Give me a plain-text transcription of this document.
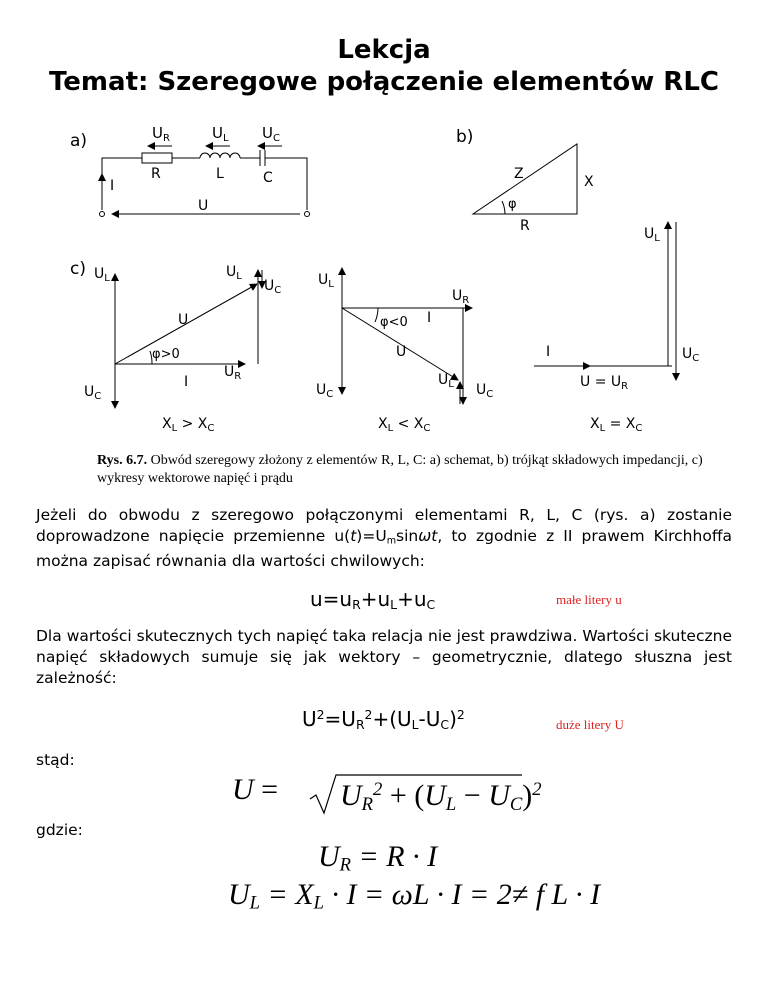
Lekcja
Temat: Szeregowe połączenie elementów RLC
a)	$U_R$	$U_L$ $U_C$
R	L	C
I
U
b)
Z	X
R
φ
c) $U_L$	$U_L$
$U_C$
U
φ>0
I
$U_R$
$U_C$
$X_L > X_C$
$U_L$
$U_R$
φ<0 I
U
$U_C$
$U_L$ $U_C$
$X_L < X_C$
$U_L$
I	$U_C$
$U = U_R$
$X_L = X_C$
Rys. 6.7. Obwód szeregowy złożony z elementów R, L, C: a) schemat, b) trójkąt składowych impedancji, c) wykresy wektorowe napięć i prądu
Jeżeli do obwodu z szeregowo połączonymi elementami R, L, C (rys. a) zostanie doprowadzone napięcie przemienne $u(t)=U_m\sin\omega t$, to zgodnie z II prawem Kirchhoffa można zapisać równania dla wartości chwilowych:
$u=u_R+u_L+u_C$	małe litery u
Dla wartości skutecznych tych napięć taka relacja nie jest prawdziwa. Wartości skuteczne napięć składowych sumuje się jak wektory – geometrycznie, dlatego słuszna jest zależność:
$U^2=U_R^2+(U_L-U_C)^2$
duże litery U
stąd:
$U = U_R^2 + (U_L - U_C)^2$
gdzie:
$U_R = R \cdot I$
$U_L = X_L \cdot I = \omega L \cdot I = 2\ne f$ L · I
